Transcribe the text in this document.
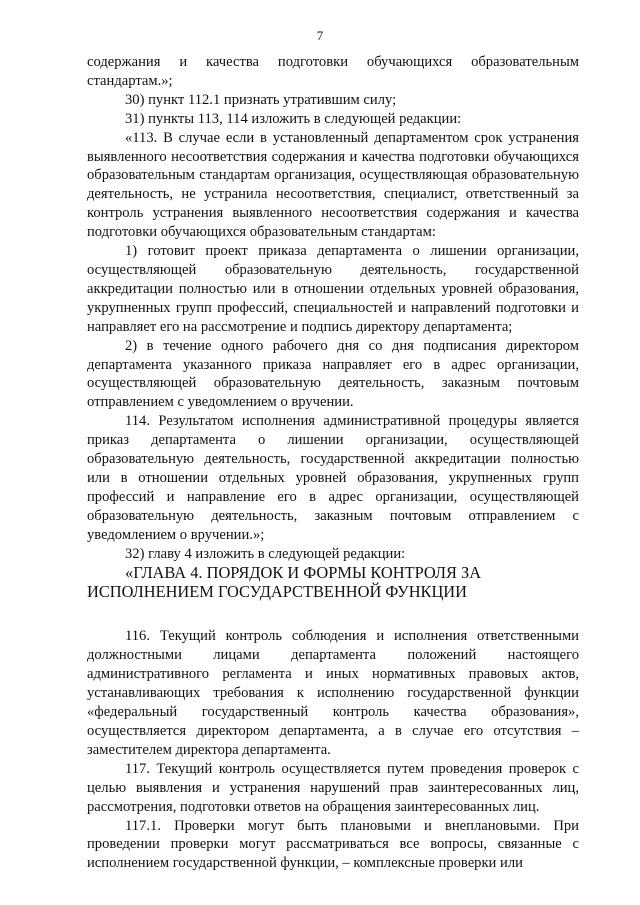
7

содержания и качества подготовки обучающихся образовательным стандартам.»;

30) пункт 112.1 признать утратившим силу;

31) пункты 113, 114 изложить в следующей редакции:

«113. В случае если в установленный департаментом срок устранения выявленного несоответствия содержания и качества подготовки обучающихся образовательным стандартам организация, осуществляющая образовательную деятельность, не устранила несоответствия, специалист, ответственный за контроль устранения выявленного несоответствия содержания и качества подготовки обучающихся образовательным стандартам:

1) готовит проект приказа департамента о лишении организации, осуществляющей образовательную деятельность, государственной аккредитации полностью или в отношении отдельных уровней образования, укрупненных групп профессий, специальностей и направлений подготовки и направляет его на рассмотрение и подпись директору департамента;

2) в течение одного рабочего дня со дня подписания директором департамента указанного приказа направляет его в адрес организации, осуществляющей образовательную деятельность, заказным почтовым отправлением с уведомлением о вручении.

114. Результатом исполнения административной процедуры является приказ департамента о лишении организации, осуществляющей образовательную деятельность, государственной аккредитации полностью или в отношении отдельных уровней образования, укрупненных групп профессий и направление его в адрес организации, осуществляющей образовательную деятельность, заказным почтовым отправлением с уведомлением о вручении.»;

32) главу 4 изложить в следующей редакции:

«ГЛАВА 4. ПОРЯДОК И ФОРМЫ КОНТРОЛЯ ЗА ИСПОЛНЕНИЕМ ГОСУДАРСТВЕННОЙ ФУНКЦИИ

116. Текущий контроль соблюдения и исполнения ответственными должностными лицами департамента положений настоящего административного регламента и иных нормативных правовых актов, устанавливающих требования к исполнению государственной функции «федеральный государственный контроль качества образования», осуществляется директором департамента, а в случае его отсутствия – заместителем директора департамента.

117. Текущий контроль осуществляется путем проведения проверок с целью выявления и устранения нарушений прав заинтересованных лиц, рассмотрения, подготовки ответов на обращения заинтересованных лиц.

117.1. Проверки могут быть плановыми и внеплановыми. При проведении проверки могут рассматриваться все вопросы, связанные с исполнением государственной функции, – комплексные проверки или
